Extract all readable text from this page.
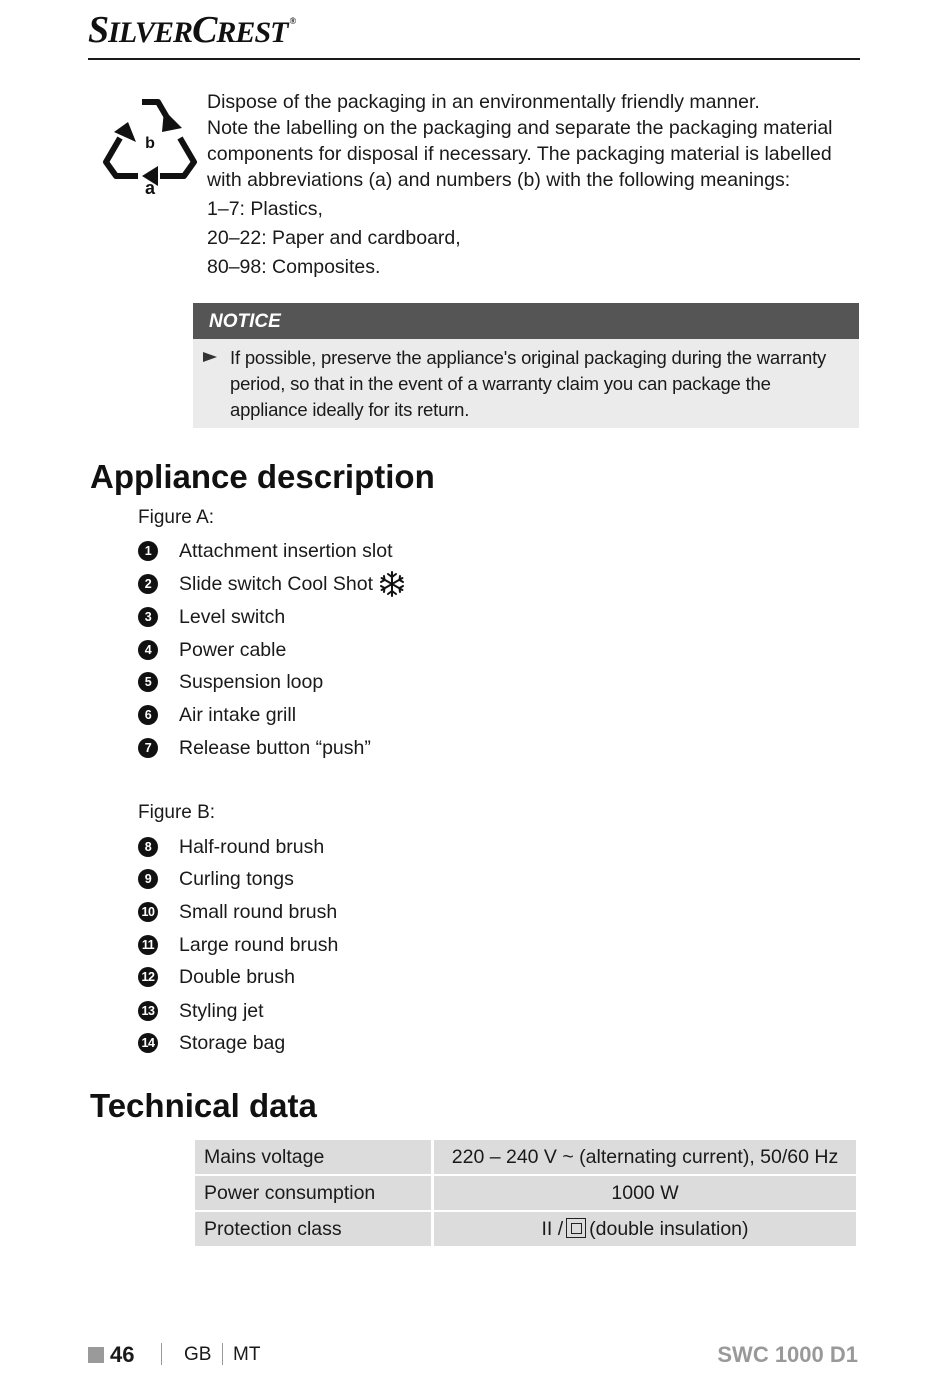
SILVERCREST ®
b
a
Dispose of the packaging in an environmentally friendly manner.
Note the labelling on the packaging and separate the packaging material components for disposal if necessary. The packaging material is labelled with abbreviations (a) and numbers (b) with the following meanings:
1–7: Plastics,
20–22: Paper and cardboard,
80–98: Composites.
NOTICE
If possible, preserve the appliance's original packaging during the warranty period, so that in the event of a warranty claim you can package the appliance ideally for its return.
Appliance description
Figure A:
1	Attachment insertion slot
2	Slide switch Cool Shot
3	Level switch
4	Power cable
5	Suspension loop
6	Air intake grill
7	Release button “push”
Figure B:
8	Half-round brush
9	Curling tongs
10 Small round brush
11 Large round brush
12 Double brush
13 Styling jet
14 Storage bag
Technical data
Mains voltage	220 – 240 V ~ (alternating current), 50/60 Hz
Power consumption	1000 W
Protection class	II / (double insulation)
46	GB MT	SWC 1000 D1
